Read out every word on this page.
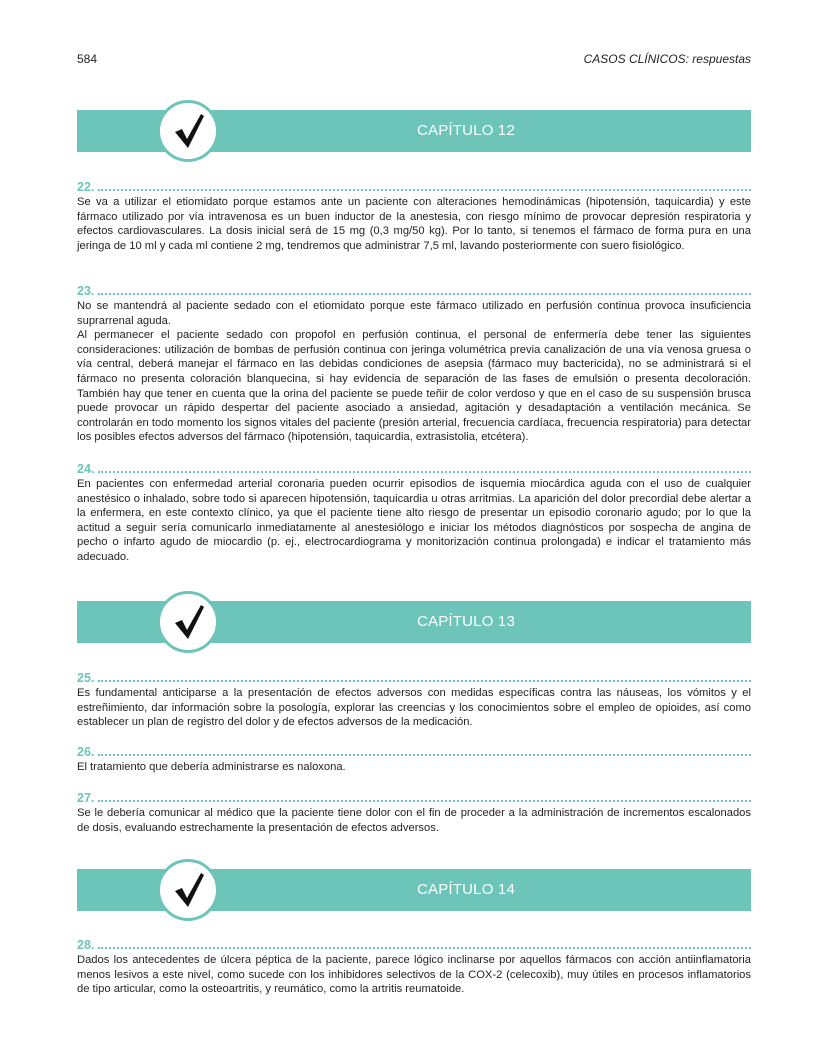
584	CASOS CLÍNICOS: respuestas
CAPÍTULO 12
22.

Se va a utilizar el etiomidato porque estamos ante un paciente con alteraciones hemodinámicas (hipotensión, taquicardia) y este fármaco utilizado por vía intravenosa es un buen inductor de la anestesia, con riesgo mínimo de provocar depresión respiratoria y efectos cardiovasculares. La dosis inicial será de 15 mg (0,3 mg/50 kg). Por lo tanto, si tenemos el fármaco de forma pura en una jeringa de 10 ml y cada ml contiene 2 mg, tendremos que administrar 7,5 ml, lavando posteriormente con suero fisiológico.

23.

No se mantendrá al paciente sedado con el etiomidato porque este fármaco utilizado en perfusión continua provoca insuficiencia suprarrenal aguda.

Al permanecer el paciente sedado con propofol en perfusión continua, el personal de enfermería debe tener las siguientes consideraciones: utilización de bombas de perfusión continua con jeringa volumétrica previa canalización de una vía venosa gruesa o vía central, deberá manejar el fármaco en las debidas condiciones de asepsia (fármaco muy bactericida), no se administrará si el fármaco no presenta coloración blanquecina, si hay evidencia de separación de las fases de emulsión o presenta decoloración. También hay que tener en cuenta que la orina del paciente se puede teñir de color verdoso y que en el caso de su suspensión brusca puede provocar un rápido despertar del paciente asociado a ansiedad, agitación y desadaptación a ventilación mecánica. Se controlarán en todo momento los signos vitales del paciente (presión arterial, frecuencia cardíaca, frecuencia respiratoria) para detectar los posibles efectos adversos del fármaco (hipotensión, taquicardia, extrasistolia, etcétera).

24.

En pacientes con enfermedad arterial coronaria pueden ocurrir episodios de isquemia miocárdica aguda con el uso de cualquier anestésico o inhalado, sobre todo si aparecen hipotensión, taquicardia u otras arritmias. La aparición del dolor precordial debe alertar a la enfermera, en este contexto clínico, ya que el paciente tiene alto riesgo de presentar un episodio coronario agudo; por lo que la actitud a seguir sería comunicarlo inmediatamente al anestesiólogo e iniciar los métodos diagnósticos por sospecha de angina de pecho o infarto agudo de miocardio (p. ej., electrocardiograma y monitorización continua prolongada) e indicar el tratamiento más adecuado.

CAPÍTULO 13
25.

Es fundamental anticiparse a la presentación de efectos adversos con medidas específicas contra las náuseas, los vómitos y el estreñimiento, dar información sobre la posología, explorar las creencias y los conocimientos sobre el empleo de opioides, así como establecer un plan de registro del dolor y de efectos adversos de la medicación.

26.

El tratamiento que debería administrarse es naloxona.

27.

Se le debería comunicar al médico que la paciente tiene dolor con el fin de proceder a la administración de incrementos escalonados de dosis, evaluando estrechamente la presentación de efectos adversos.

CAPÍTULO 14
28.

Dados los antecedentes de úlcera péptica de la paciente, parece lógico inclinarse por aquellos fármacos con acción antiinflamatoria menos lesivos a este nivel, como sucede con los inhibidores selectivos de la COX-2 (celecoxib), muy útiles en procesos inflamatorios de tipo articular, como la osteoartritis, y reumático, como la artritis reumatoide.
